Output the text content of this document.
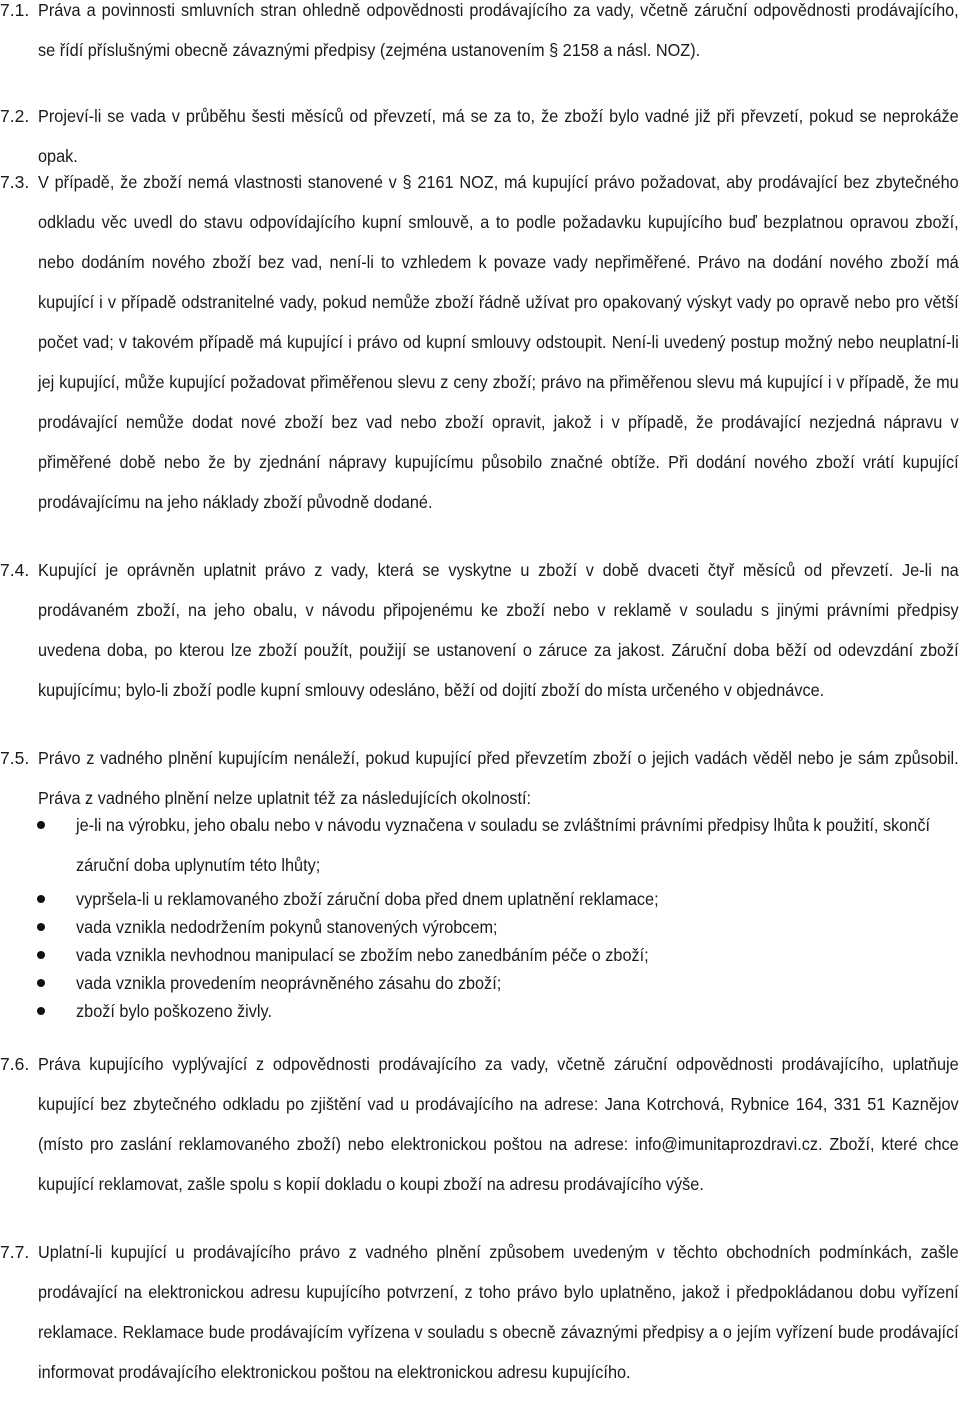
7.1. Práva a povinnosti smluvních stran ohledně odpovědnosti prodávajícího za vady, včetně záruční odpovědnosti prodávajícího, se řídí příslušnými obecně závaznými předpisy (zejména ustanovením § 2158 a násl. NOZ).
7.2. Projeví-li se vada v průběhu šesti měsíců od převzetí, má se za to, že zboží bylo vadné již při převzetí, pokud se neprokáže opak.
7.3. V případě, že zboží nemá vlastnosti stanovené v § 2161 NOZ, má kupující právo požadovat, aby prodávající bez zbytečného odkladu věc uvedl do stavu odpovídajícího kupní smlouvě, a to podle požadavku kupujícího buď bezplatnou opravou zboží, nebo dodáním nového zboží bez vad, není-li to vzhledem k povaze vady nepřiměřené. Právo na dodání nového zboží má kupující i v případě odstranitelné vady, pokud nemůže zboží řádně užívat pro opakovaný výskyt vady po opravě nebo pro větší počet vad; v takovém případě má kupující i právo od kupní smlouvy odstoupit. Není-li uvedený postup možný nebo neuplatní-li jej kupující, může kupující požadovat přiměřenou slevu z ceny zboží; právo na přiměřenou slevu má kupující i v případě, že mu prodávající nemůže dodat nové zboží bez vad nebo zboží opravit, jakož i v případě, že prodávající nezjedná nápravu v přiměřené době nebo že by zjednání nápravy kupujícímu působilo značné obtíže. Při dodání nového zboží vrátí kupující prodávajícímu na jeho náklady zboží původně dodané.
7.4. Kupující je oprávněn uplatnit právo z vady, která se vyskytne u zboží v době dvaceti čtyř měsíců od převzetí. Je-li na prodávaném zboží, na jeho obalu, v návodu připojenému ke zboží nebo v reklamě v souladu s jinými právními předpisy uvedena doba, po kterou lze zboží použít, použijí se ustanovení o záruce za jakost. Záruční doba běží od odevzdání zboží kupujícímu; bylo-li zboží podle kupní smlouvy odesláno, běží od dojití zboží do místa určeného v objednávce.
7.5. Právo z vadného plnění kupujícím nenáleží, pokud kupující před převzetím zboží o jejich vadách věděl nebo je sám způsobil. Práva z vadného plnění nelze uplatnit též za následujících okolností:
je-li na výrobku, jeho obalu nebo v návodu vyznačena v souladu se zvláštními právními předpisy lhůta k použití, skončí záruční doba uplynutím této lhůty;
vypršela-li u reklamovaného zboží záruční doba před dnem uplatnění reklamace;
vada vznikla nedodržením pokynů stanovených výrobcem;
vada vznikla nevhodnou manipulací se zbožím nebo zanedbáním péče o zboží;
vada vznikla provedením neoprávněného zásahu do zboží;
zboží bylo poškozeno živly.
7.6. Práva kupujícího vyplývající z odpovědnosti prodávajícího za vady, včetně záruční odpovědnosti prodávajícího, uplatňuje kupující bez zbytečného odkladu po zjištění vad u prodávajícího na adrese: Jana Kotrchová, Rybnice 164, 331 51 Kaznějov (místo pro zaslání reklamovaného zboží) nebo elektronickou poštou na adrese: info@imunitaprozdravi.cz. Zboží, které chce kupující reklamovat, zašle spolu s kopií dokladu o koupi zboží na adresu prodávajícího výše.
7.7. Uplatní-li kupující u prodávajícího právo z vadného plnění způsobem uvedeným v těchto obchodních podmínkách, zašle prodávající na elektronickou adresu kupujícího potvrzení, z toho právo bylo uplatněno, jakož i předpokládanou dobu vyřízení reklamace. Reklamace bude prodávajícím vyřízena v souladu s obecně závaznými předpisy a o jejím vyřízení bude prodávající informovat prodávajícího elektronickou poštou na elektronickou adresu kupujícího.
